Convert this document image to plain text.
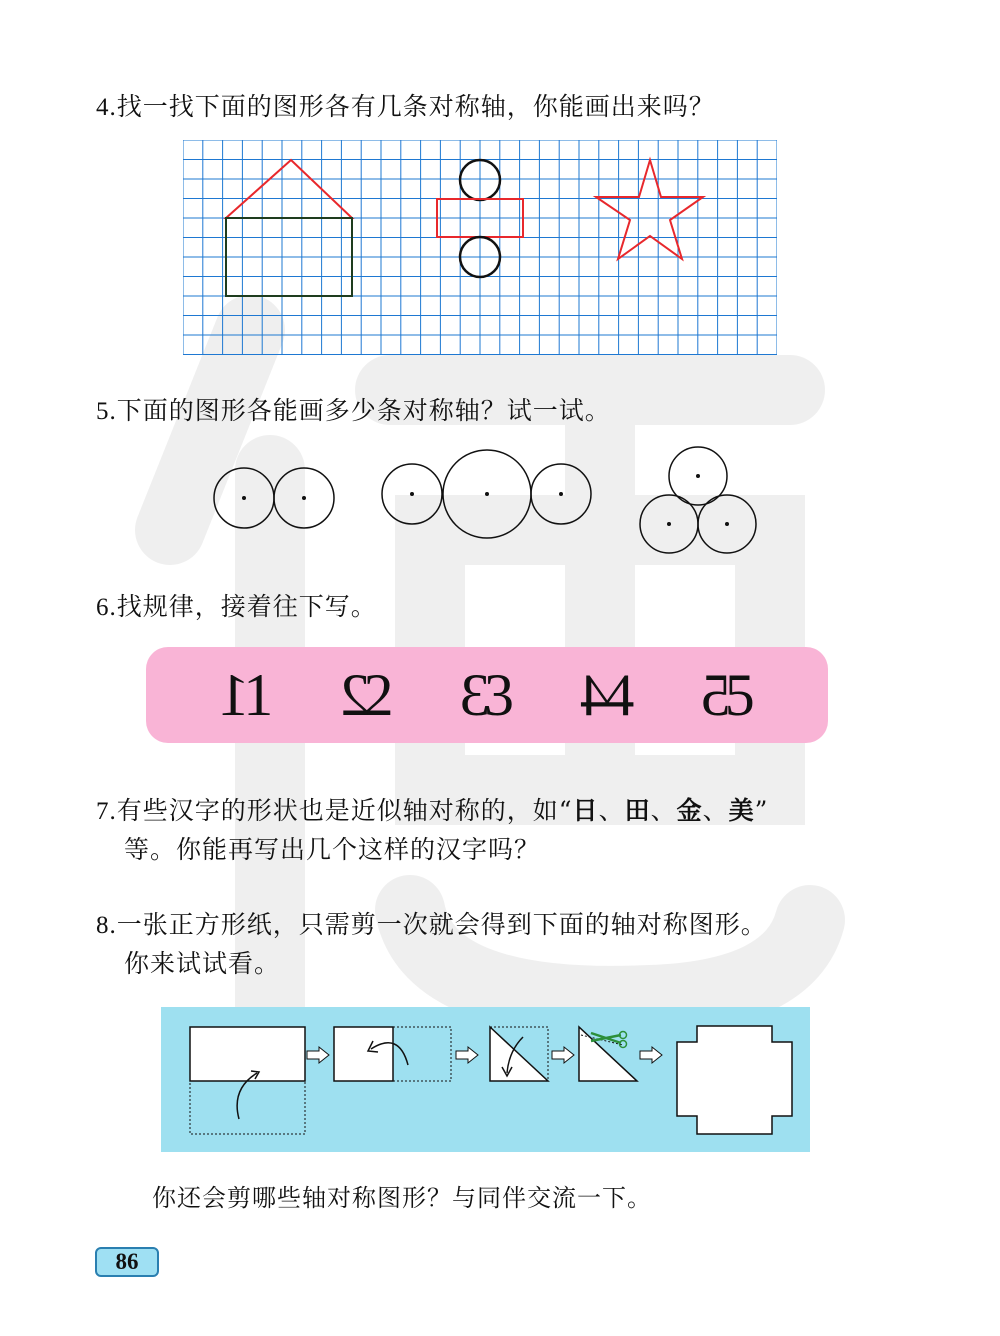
4.找一找下面的图形各有几条对称轴，你能画出来吗？
5.下面的图形各能画多少条对称轴？试一试。
6.找规律，接着往下写。
1
1 2
2 3
3 4
4 5
5
7.有些汉字的形状也是近似轴对称的，如“日、田、金、美”
等。你能再写出几个这样的汉字吗？
8.一张正方形纸，只需剪一次就会得到下面的轴对称图形。
你来试试看。
你还会剪哪些轴对称图形？与同伴交流一下。
86
